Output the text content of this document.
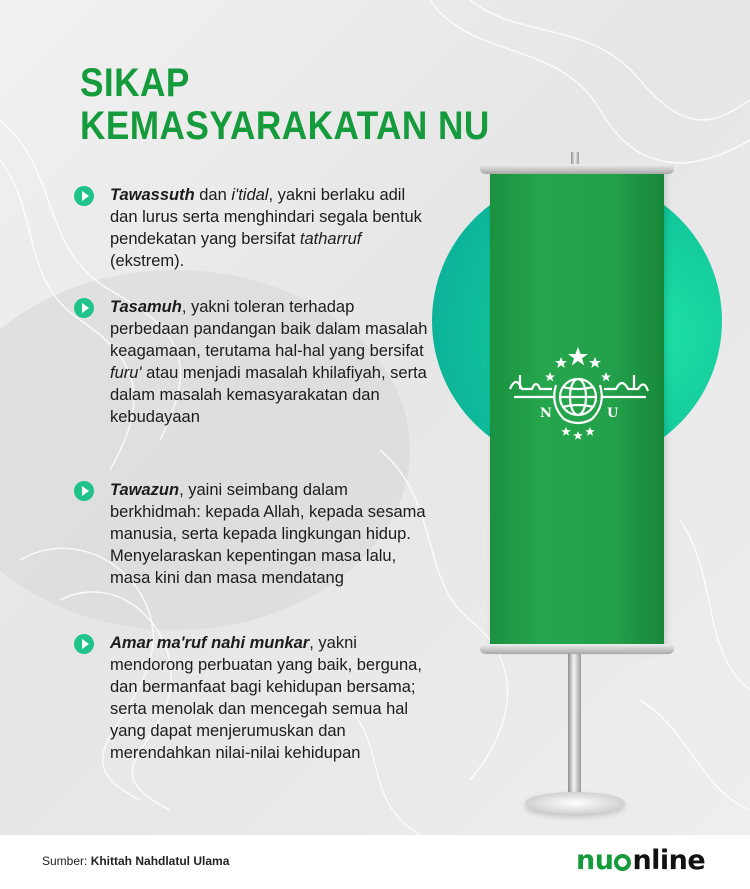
SIKAP
KEMASYARAKATAN NU

Tawassuth dan i'tidal, yakni berlaku adil dan lurus serta menghindari segala bentuk pendekatan yang bersifat tatharruf (ekstrem).

Tasamuh, yakni toleran terhadap perbedaan pandangan baik dalam masalah keagamaan, terutama hal-hal yang bersifat furu' atau menjadi masalah khilafiyah, serta dalam masalah kemasyarakatan dan kebudayaan

Tawazun, yaini seimbang dalam berkhidmah: kepada Allah, kepada sesama manusia, serta kepada lingkungan hidup. Menyelaraskan kepentingan masa lalu, masa kini dan masa mendatang

Amar ma'ruf nahi munkar, yakni mendorong perbuatan yang baik, berguna, dan bermanfaat bagi kehidupan bersama; serta menolak dan mencegah semua hal yang dapat menjerumuskan dan merendahkan nilai-nilai kehidupan

N	U
Sumber: Khittah Nahdlatul Ulama	nu nline
